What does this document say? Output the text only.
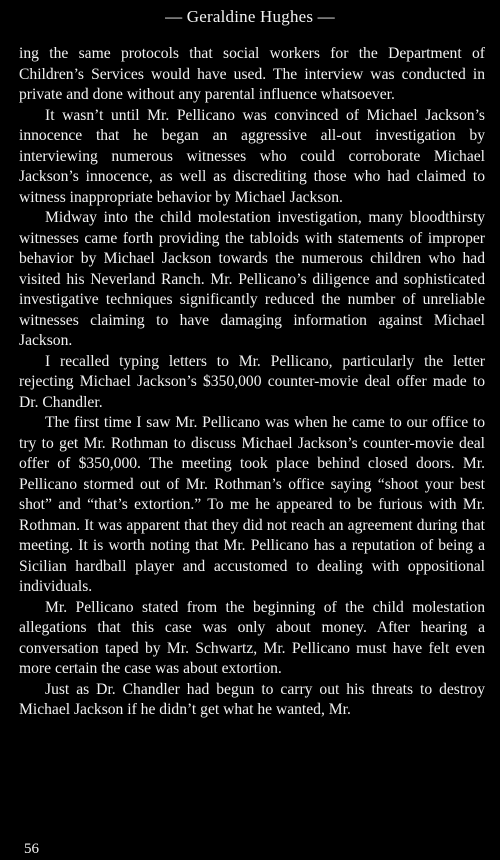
— Geraldine Hughes —

ing the same protocols that social workers for the Department of Children’s Services would have used. The interview was conducted in private and done without any parental influence whatsoever.

It wasn’t until Mr. Pellicano was convinced of Michael Jackson’s innocence that he began an aggressive all-out investigation by interviewing numerous witnesses who could corroborate Michael Jackson’s innocence, as well as discrediting those who had claimed to witness inappropriate behavior by Michael Jackson.

Midway into the child molestation investigation, many bloodthirsty witnesses came forth providing the tabloids with statements of improper behavior by Michael Jackson towards the numerous children who had visited his Neverland Ranch. Mr. Pellicano’s diligence and sophisticated investigative techniques significantly reduced the number of unreliable witnesses claiming to have damaging information against Michael Jackson.

I recalled typing letters to Mr. Pellicano, particularly the letter rejecting Michael Jackson’s $350,000 counter-movie deal offer made to Dr. Chandler.

The first time I saw Mr. Pellicano was when he came to our office to try to get Mr. Rothman to discuss Michael Jackson’s counter-movie deal offer of $350,000. The meeting took place behind closed doors. Mr. Pellicano stormed out of Mr. Rothman’s office saying “shoot your best shot” and “that’s extortion.” To me he appeared to be furious with Mr. Rothman. It was apparent that they did not reach an agreement during that meeting. It is worth noting that Mr. Pellicano has a reputation of being a Sicilian hardball player and accustomed to dealing with oppositional individuals.

Mr. Pellicano stated from the beginning of the child molestation allegations that this case was only about money. After hearing a conversation taped by Mr. Schwartz, Mr. Pellicano must have felt even more certain the case was about extortion.

Just as Dr. Chandler had begun to carry out his threats to destroy Michael Jackson if he didn’t get what he wanted, Mr.

56
